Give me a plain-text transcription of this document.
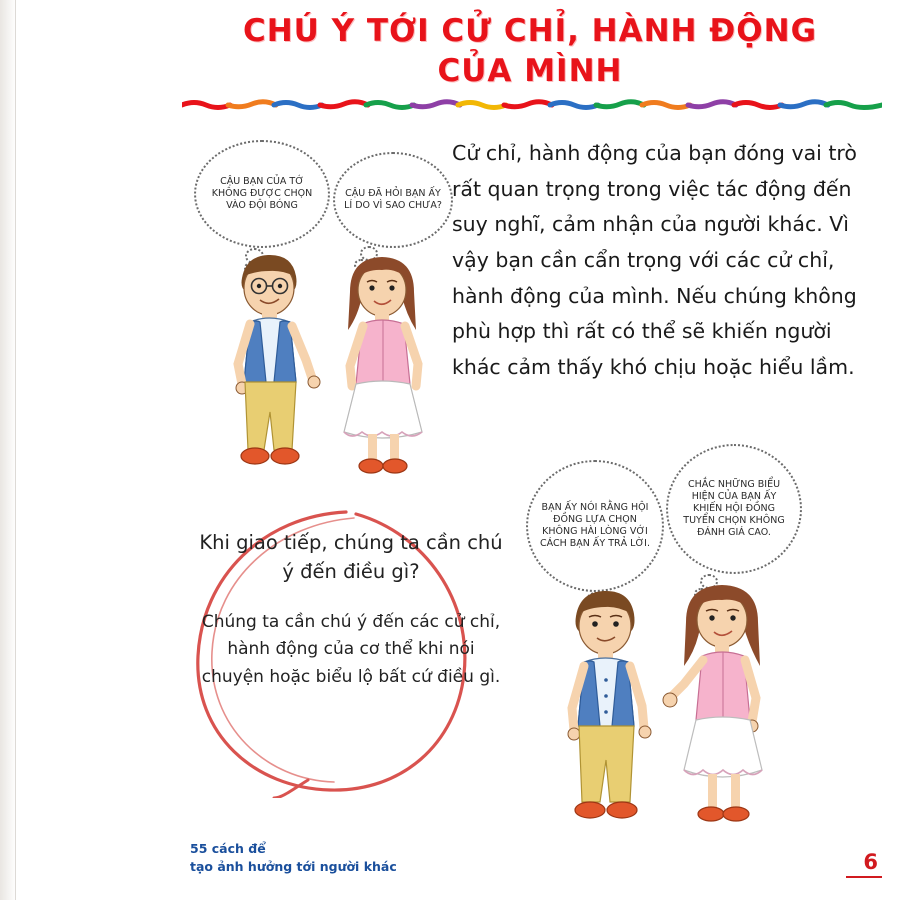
CHÚ Ý TỚI CỬ CHỈ, HÀNH ĐỘNG
CỦA MÌNH
Cử chỉ, hành động của bạn đóng vai trò rất quan trọng trong việc tác động đến suy nghĩ, cảm nhận của người khác. Vì vậy bạn cần cẩn trọng với các cử chỉ, hành động của mình. Nếu chúng không phù hợp thì rất có thể sẽ khiến người khác cảm thấy khó chịu hoặc hiểu lầm.
CẬU BẠN CỦA TỚ KHÔNG ĐƯỢC CHỌN VÀO ĐỘI BÓNG
CẬU ĐÃ HỎI BẠN ẤY LÍ DO VÌ SAO CHƯA?
BẠN ẤY NÓI RẰNG HỘI ĐỒNG LỰA CHỌN KHÔNG HÀI LÒNG VỚI CÁCH BẠN ẤY TRẢ LỜI.
CHẮC NHỮNG BIỂU HIỆN CỦA BẠN ẤY KHIẾN HỘI ĐỒNG TUYỂN CHỌN KHÔNG ĐÁNH GIÁ CAO.
Khi giao tiếp, chúng ta cần chú ý đến điều gì?
Chúng ta cần chú ý đến các cử chỉ, hành động của cơ thể khi nói chuyện hoặc biểu lộ bất cứ điều gì.
55 cách để
tạo ảnh hưởng tới người khác	6
